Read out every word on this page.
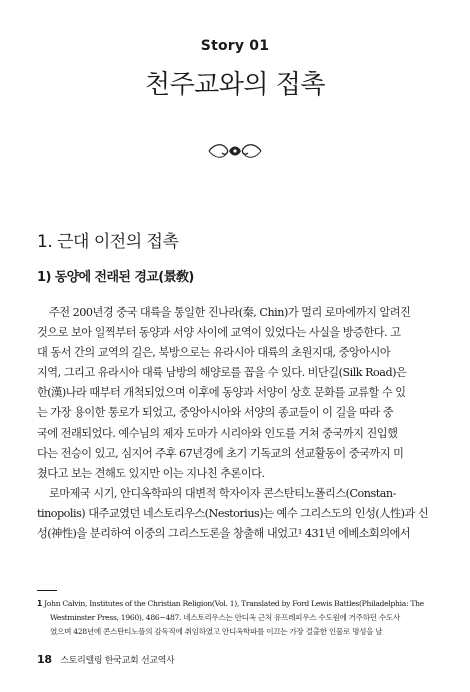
Story 01
천주교와의 접촉
1. 근대 이전의 접촉
1) 동양에 전래된 경교(景敎)
주전 200년경 중국 대륙을 통일한 진나라(秦, Chin)가 멀리 로마에까지 알려진
것으로 보아 일찍부터 동양과 서양 사이에 교역이 있었다는 사실을 방증한다. 고
대 동서 간의 교역의 길은, 북방으로는 유라시아 대륙의 초원지대, 중앙아시아
지역, 그리고 유라시아 대륙 남방의 해양로를 꼽을 수 있다. 비단길(Silk Road)은
한(漢)나라 때부터 개척되었으며 이후에 동양과 서양이 상호 문화를 교류할 수 있
는 가장 용이한 통로가 되었고, 중앙아시아와 서양의 종교들이 이 길을 따라 중
국에 전래되었다. 예수님의 제자 도마가 시리아와 인도를 거쳐 중국까지 진입했
다는 전승이 있고, 심지어 주후 67년경에 초기 기독교의 선교활동이 중국까지 미
쳤다고 보는 견해도 있지만 이는 지나친 추론이다.
로마제국 시기, 안디옥학파의 대변적 학자이자 콘스탄티노폴리스(Constan-
tinopolis) 대주교였던 네스토리우스(Nestorius)는 예수 그리스도의 인성(人性)과 신
성(神性)을 분리하여 이중의 그리스도론을 창출해 내었고¹ 431년 에베소회의에서
1 John Calvin, Institutes of the Christian Religion(Vol. 1), Translated by Ford Lewis Battles(Philadelphia: The
Westminster Press, 1960), 486~487. 네스토리우스는 안디옥 근처 유프레피우스 수도원에 거주하던 수도사
였으며 428년에 콘스탄티노플의 감독직에 취임하였고 안디옥학파를 이끄는 가장 걸출한 인물로 명성을 날
18 스토리텔링 한국교회 선교역사
